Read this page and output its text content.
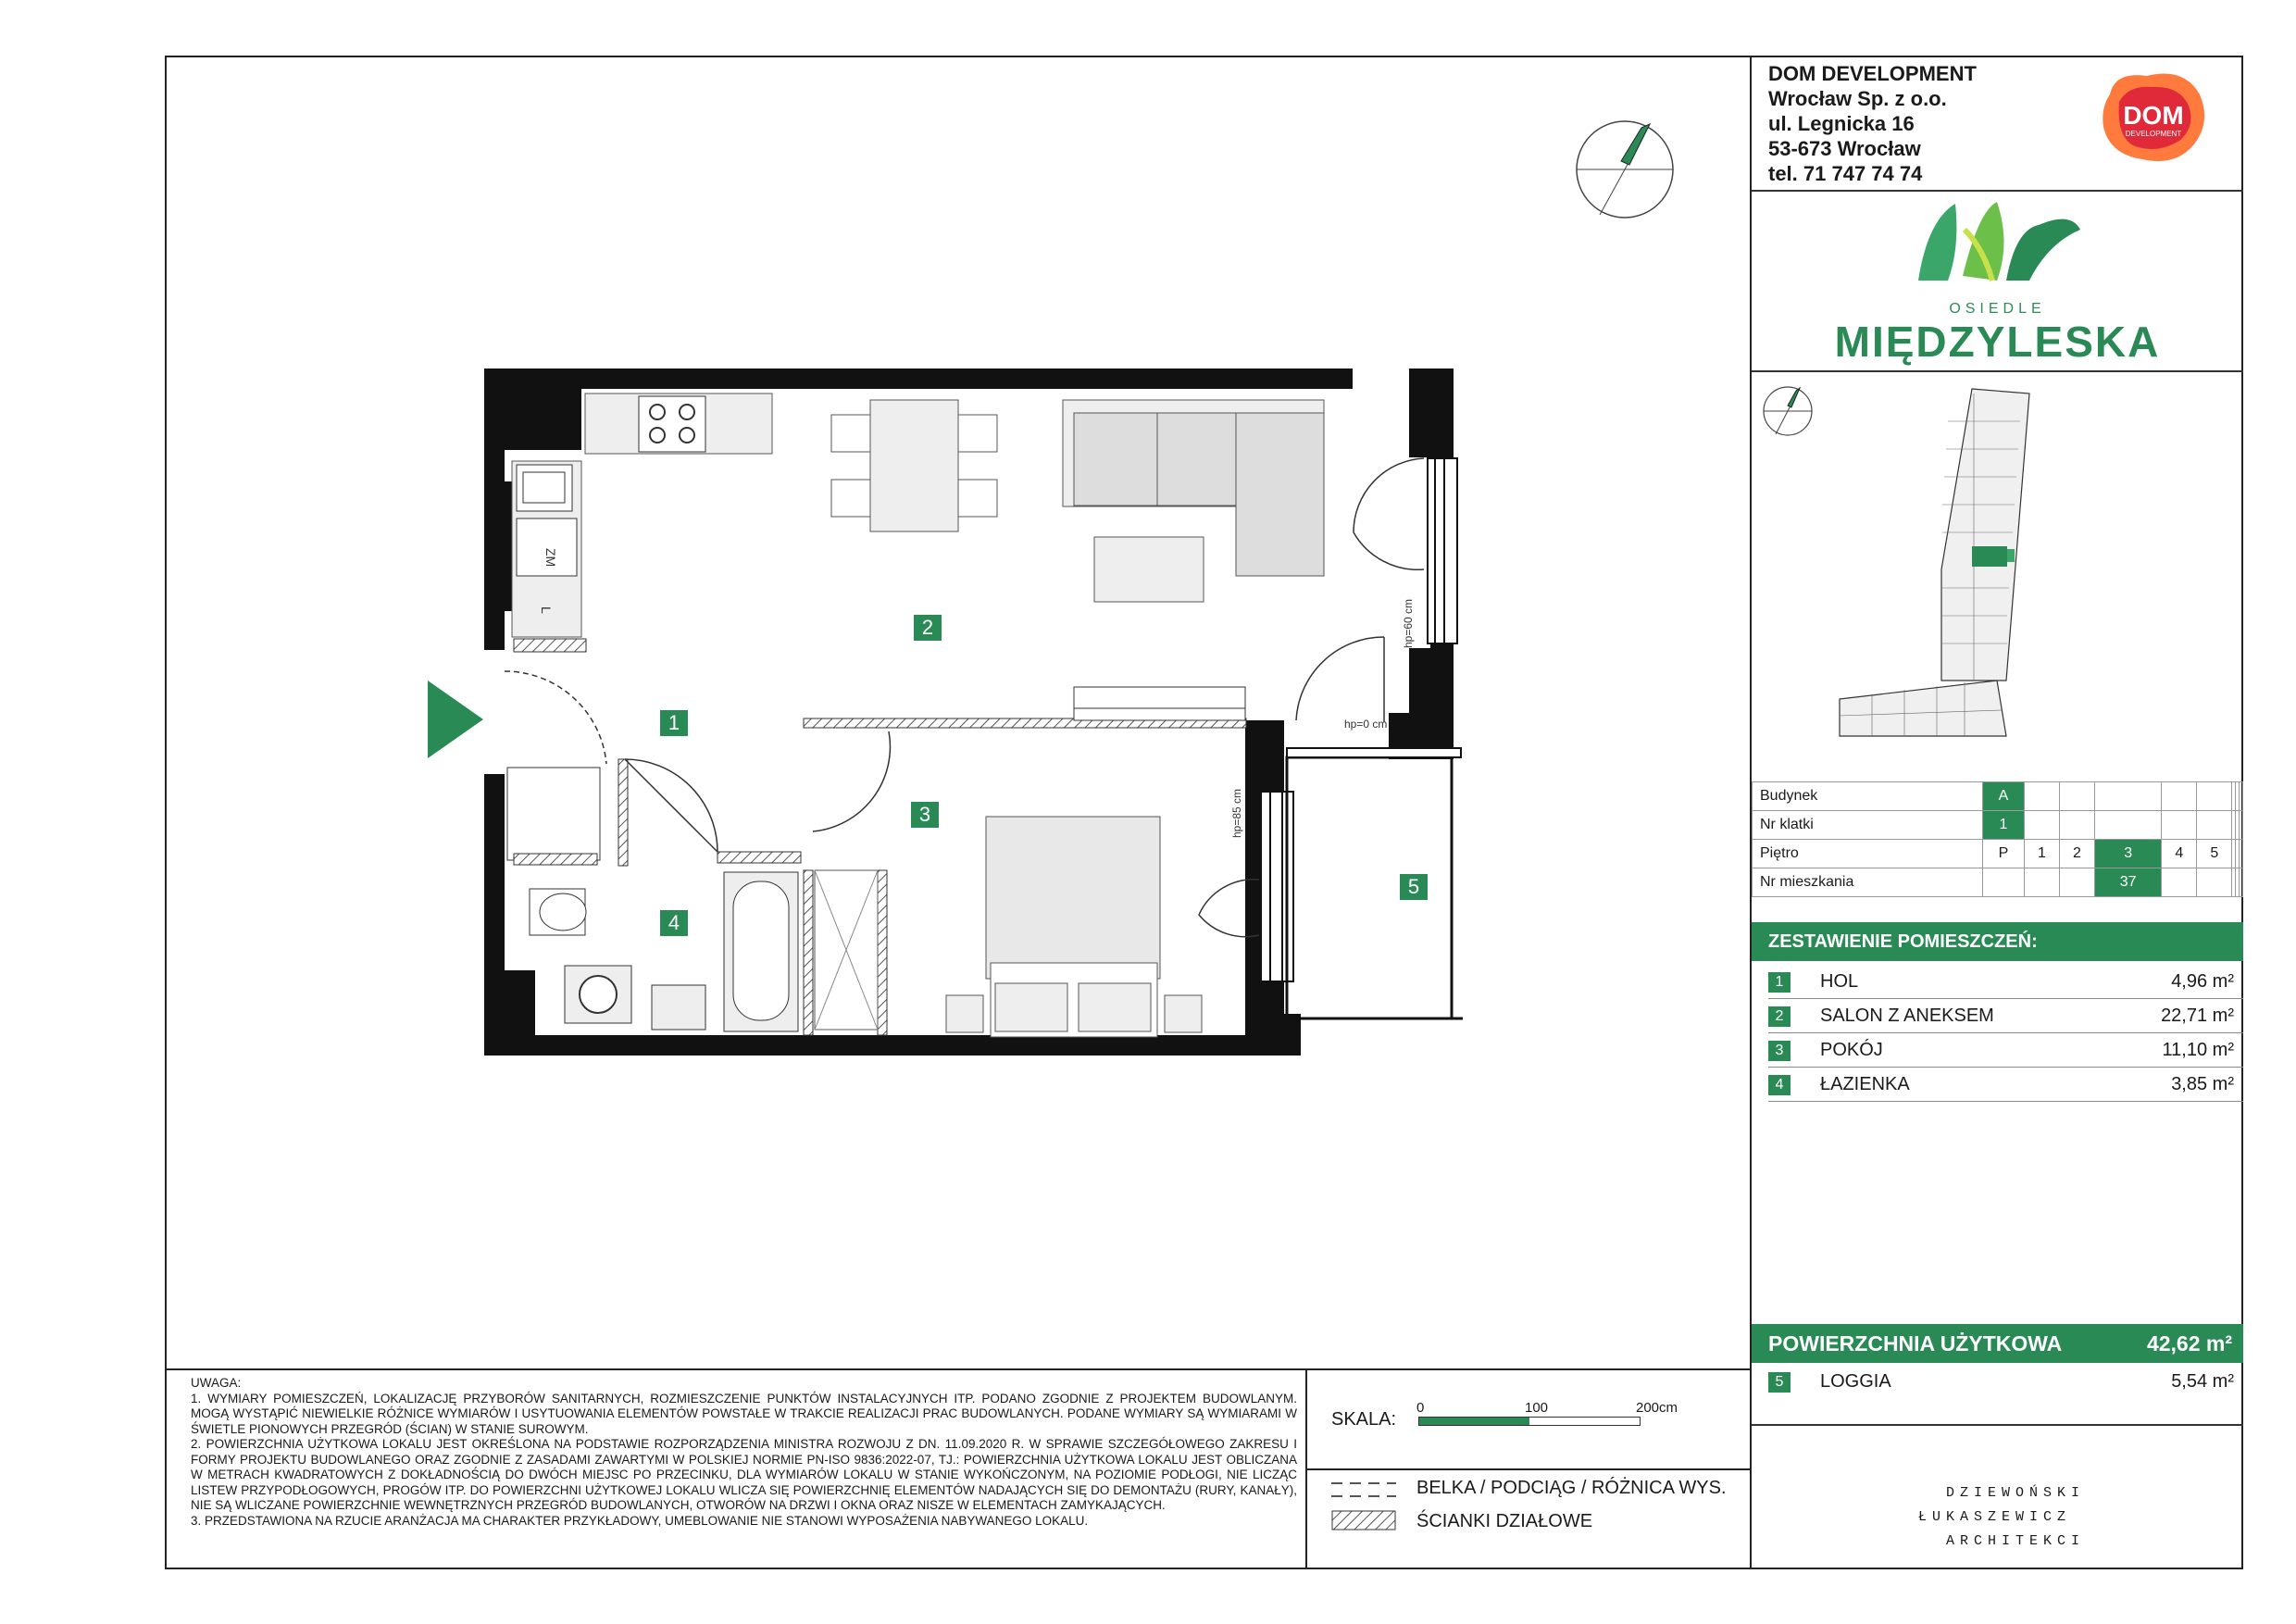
ZM
L	hp=60 cm
hp=0 cm
hp=85 cm
2
1
3
4
5
DOM DEVELOPMENT
Wrocław Sp. z o.o.
ul. Legnicka 16
53-673 Wrocław
tel. 71 747 74 74
DOM
DEVELOPMENT
OSIEDLE
MIĘDZYLESKA
Budynek	A								
Nr klatki	1								
Piętro	P	1	2	3	4	5			
Nr mieszkania				37					
ZESTAWIENIE POMIESZCZEŃ:
1	HOL	4,96 m²
2	SALON Z ANEKSEM	22,71 m²
3	POKÓJ	11,10 m²
4	ŁAZIENKA	3,85 m²
POWIERZCHNIA UŻYTKOWA	42,62 m²
5	LOGGIA	5,54 m²
DZIEWOŃSKI
ŁUKASZEWICZ
ARCHITEKCI
UWAGA:
1. WYMIARY POMIESZCZEŃ, LOKALIZACJĘ PRZYBORÓW SANITARNYCH, ROZMIESZCZENIE PUNKTÓW INSTALACYJNYCH ITP. PODANO ZGODNIE Z PROJEKTEM BUDOWLANYM. MOGĄ WYSTĄPIĆ NIEWIELKIE RÓŻNICE WYMIARÓW I USYTUOWANIA ELEMENTÓW POWSTAŁE W TRAKCIE REALIZACJI PRAC BUDOWLANYCH. PODANE WYMIARY SĄ WYMIARAMI W ŚWIETLE PIONOWYCH PRZEGRÓD (ŚCIAN) W STANIE SUROWYM.
2. POWIERZCHNIA UŻYTKOWA LOKALU JEST OKREŚLONA NA PODSTAWIE ROZPORZĄDZENIA MINISTRA ROZWOJU Z DN. 11.09.2020 R. W SPRAWIE SZCZEGÓŁOWEGO ZAKRESU I FORMY PROJEKTU BUDOWLANEGO ORAZ ZGODNIE Z ZASADAMI ZAWARTYMI W POLSKIEJ NORMIE PN-ISO 9836:2022-07, TJ.: POWIERZCHNIA UŻYTKOWA LOKALU JEST OBLICZANA W METRACH KWADRATOWYCH Z DOKŁADNOŚCIĄ DO DWÓCH MIEJSC PO PRZECINKU, DLA WYMIARÓW LOKALU W STANIE WYKOŃCZONYM, NA POZIOMIE PODŁOGI, NIE LICZĄC LISTEW PRZYPODŁOGOWYCH, PROGÓW ITP. DO POWIERZCHNI UŻYTKOWEJ LOKALU WLICZA SIĘ POWIERZCHNIĘ ELEMENTÓW NADAJĄCYCH SIĘ DO DEMONTAŻU (RURY, KANAŁY), NIE SĄ WLICZANE POWIERZCHNIE WEWNĘTRZNYCH PRZEGRÓD BUDOWLANYCH, OTWORÓW NA DRZWI I OKNA ORAZ NISZE W ELEMENTACH ZAMYKAJĄCYCH.
3. PRZEDSTAWIONA NA RZUCIE ARANŻACJA MA CHARAKTER PRZYKŁADOWY, UMEBLOWANIE NIE STANOWI WYPOSAŻENIA NABYWANEGO LOKALU.
SKALA:
0	100	200cm
BELKA / PODCIĄG / RÓŻNICA WYS.
ŚCIANKI DZIAŁOWE
